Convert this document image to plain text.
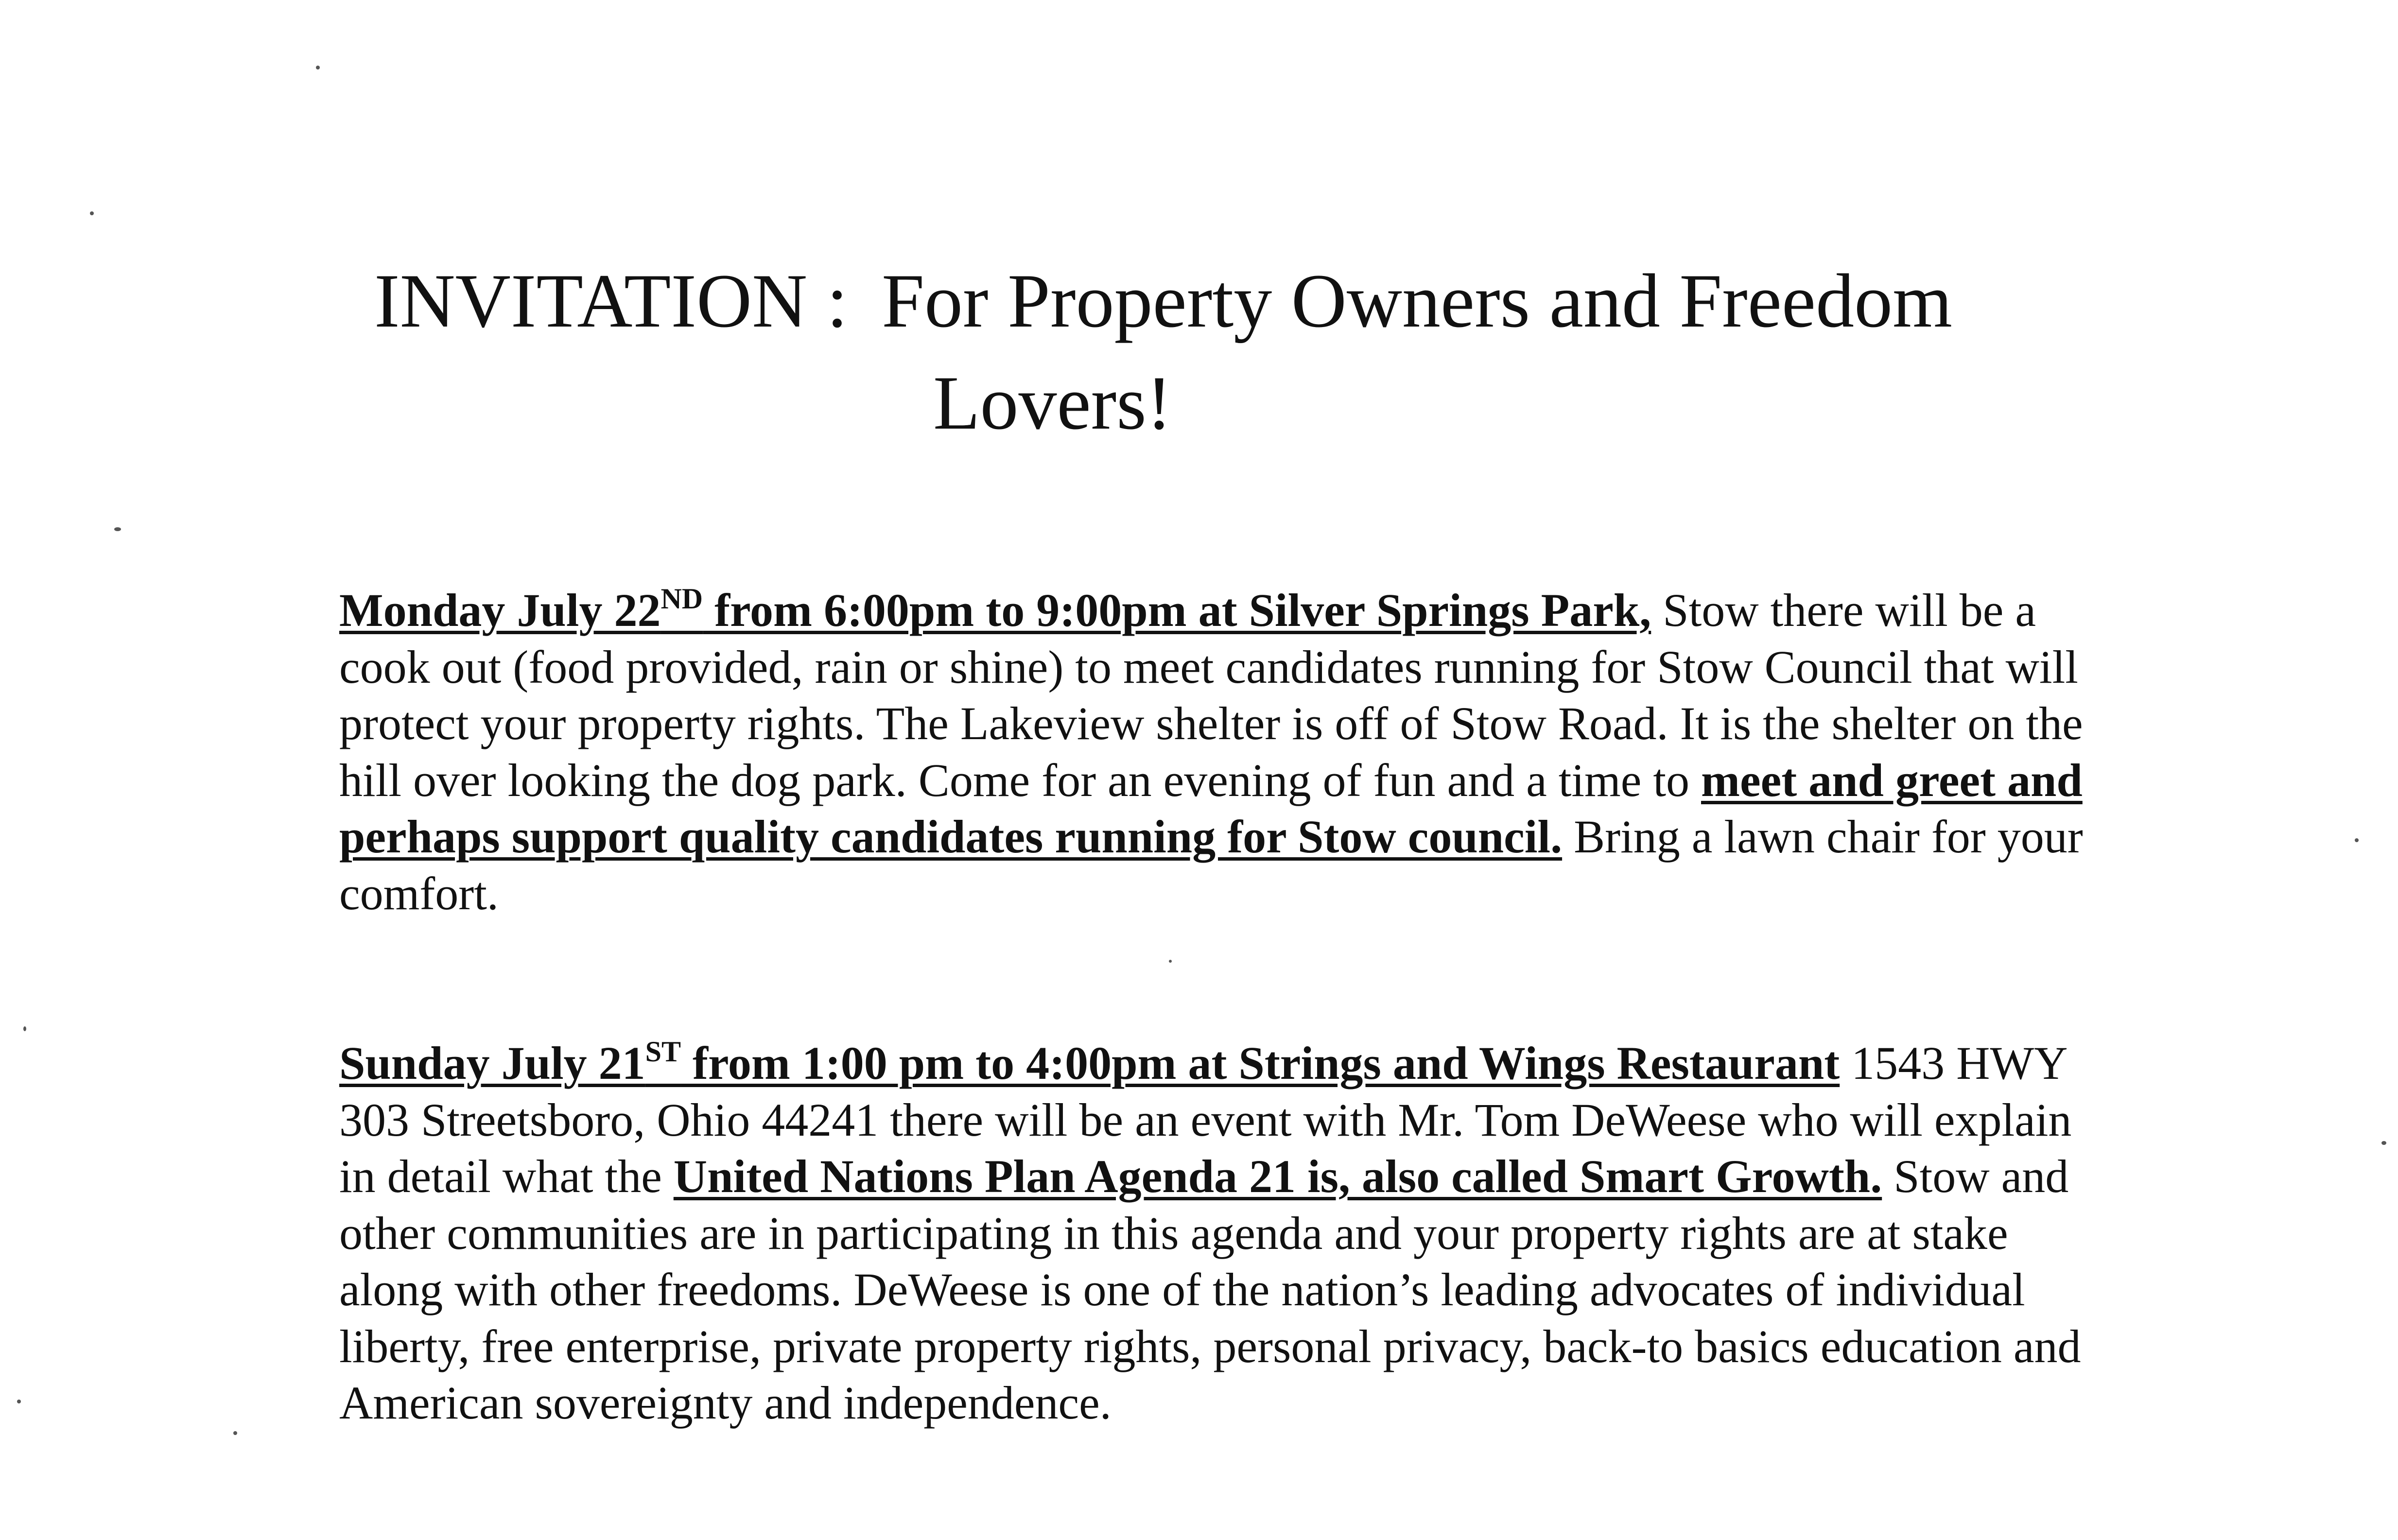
INVITATION : For Property Owners and Freedom
Lovers!

Monday July 22ND from 6:00pm to 9:00pm at Silver Springs Park, Stow there will be a cook out (food provided, rain or shine) to meet candidates running for Stow Council that will protect your property rights. The Lakeview shelter is off of Stow Road. It is the shelter on the hill over looking the dog park. Come for an evening of fun and a time to meet and greet and perhaps support quality candidates running for Stow council. Bring a lawn chair for your comfort.

Sunday July 21ST from 1:00 pm to 4:00pm at Strings and Wings Restaurant 1543 HWY 303 Streetsboro, Ohio 44241 there will be an event with Mr. Tom DeWeese who will explain in detail what the United Nations Plan Agenda 21 is, also called Smart Growth. Stow and other communities are in participating in this agenda and your property rights are at stake along with other freedoms. DeWeese is one of the nation’s leading advocates of individual liberty, free enterprise, private property rights, personal privacy, back-to basics education and American sovereignty and independence.
